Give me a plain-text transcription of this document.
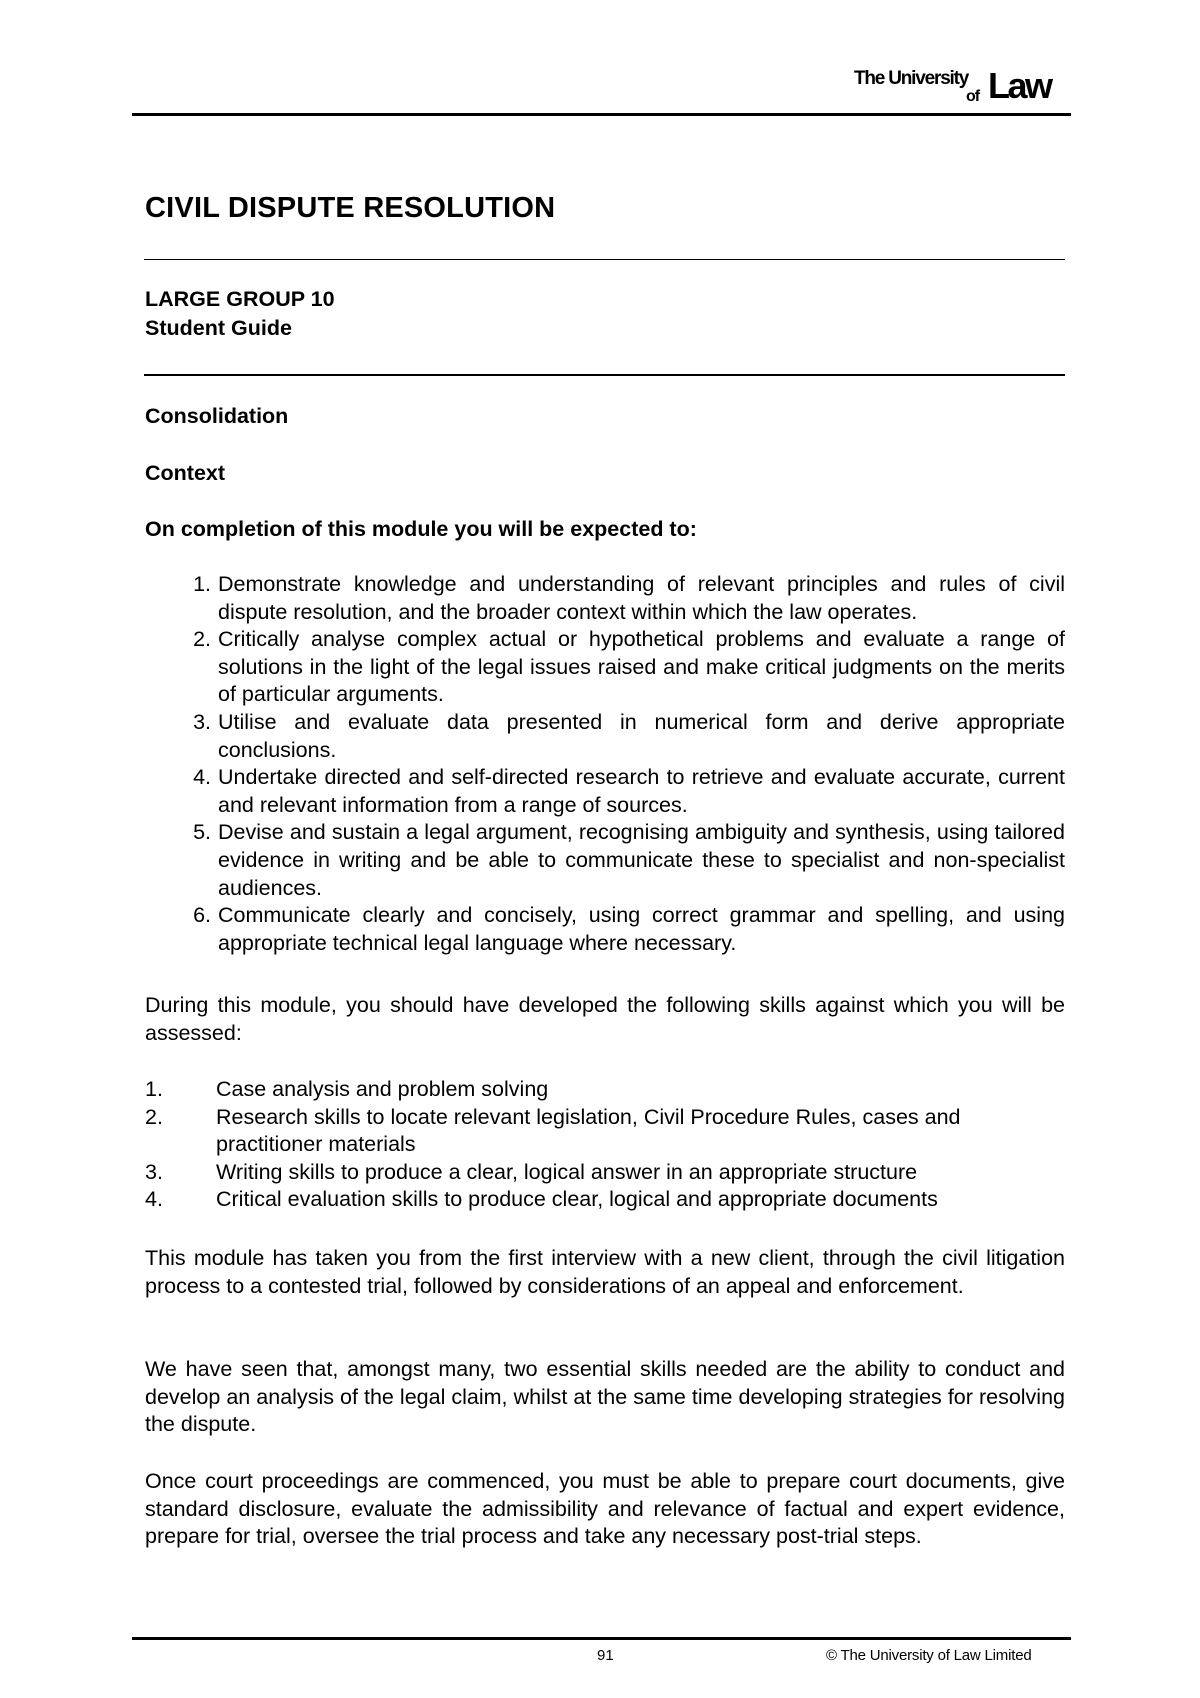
The University
of Law
CIVIL DISPUTE RESOLUTION
LARGE GROUP 10
Student Guide
Consolidation
Context
On completion of this module you will be expected to:
1. Demonstrate knowledge and understanding of relevant principles and rules of civil dispute resolution, and the broader context within which the law operates.
2. Critically analyse complex actual or hypothetical problems and evaluate a range of solutions in the light of the legal issues raised and make critical judgments on the merits of particular arguments.
3. Utilise and evaluate data presented in numerical form and derive appropriate conclusions.
4. Undertake directed and self-directed research to retrieve and evaluate accurate, current and relevant information from a range of sources.
5. Devise and sustain a legal argument, recognising ambiguity and synthesis, using tailored evidence in writing and be able to communicate these to specialist and non-specialist audiences.
6. Communicate clearly and concisely, using correct grammar and spelling, and using appropriate technical legal language where necessary.
During this module, you should have developed the following skills against which you will be assessed:
1.	Case analysis and problem solving
2.	Research skills to locate relevant legislation, Civil Procedure Rules, cases and practitioner materials
3.	Writing skills to produce a clear, logical answer in an appropriate structure
4.	Critical evaluation skills to produce clear, logical and appropriate documents
This module has taken you from the first interview with a new client, through the civil litigation process to a contested trial, followed by considerations of an appeal and enforcement.
We have seen that, amongst many, two essential skills needed are the ability to conduct and develop an analysis of the legal claim, whilst at the same time developing strategies for resolving the dispute.
Once court proceedings are commenced, you must be able to prepare court documents, give standard disclosure, evaluate the admissibility and relevance of factual and expert evidence, prepare for trial, oversee the trial process and take any necessary post-trial steps.
91	© The University of Law Limited
